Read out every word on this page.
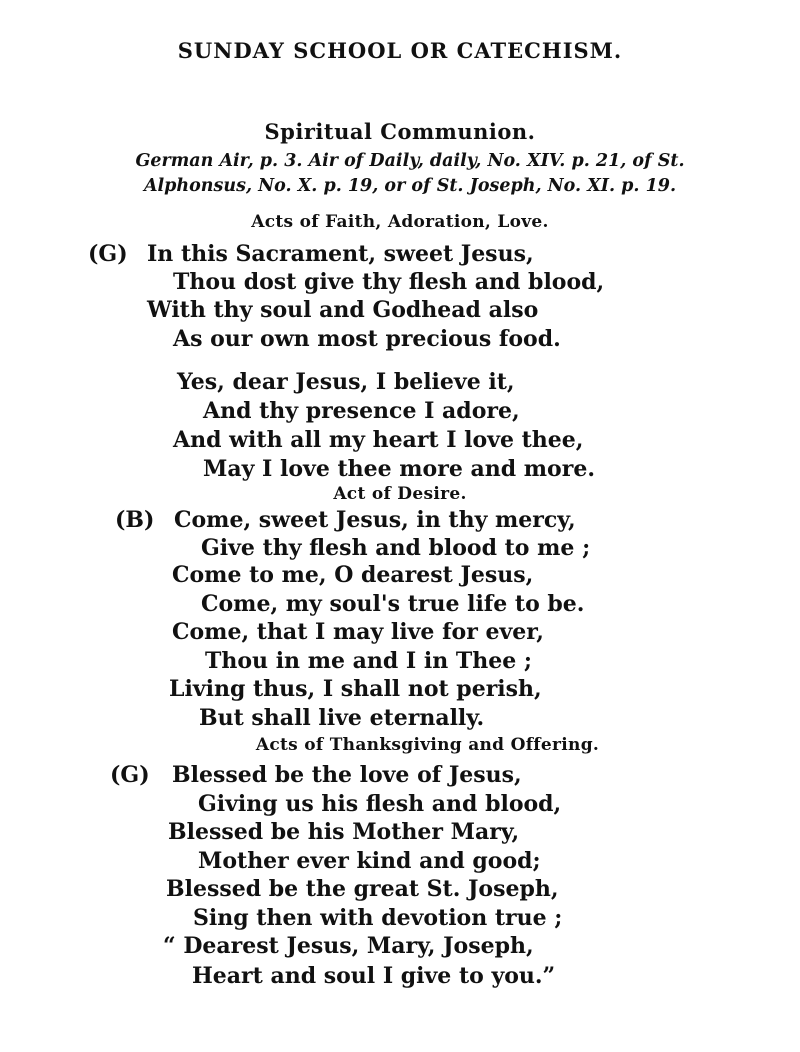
SUNDAY SCHOOL OR CATECHISM.
Spiritual Communion.
German Air, p. 3. Air of Daily, daily, No. XIV. p. 21, of St.
Alphonsus, No. X. p. 19, or of St. Joseph, No. XI. p. 19.
Acts of Faith, Adoration, Love.
(G) In this Sacrament, sweet Jesus,
Thou dost give thy flesh and blood,
With thy soul and Godhead also
As our own most precious food.
Yes, dear Jesus, I believe it,
And thy presence I adore,
And with all my heart I love thee,
May I love thee more and more.
Act of Desire.
(B) Come, sweet Jesus, in thy mercy,
Give thy flesh and blood to me ;
Come to me, O dearest Jesus,
Come, my soul's true life to be.
Come, that I may live for ever,
Thou in me and I in Thee ;
Living thus, I shall not perish,
But shall live eternally.
Acts of Thanksgiving and Offering.
(G) Blessed be the love of Jesus,
Giving us his flesh and blood,
Blessed be his Mother Mary,
Mother ever kind and good;
Blessed be the great St. Joseph,
Sing then with devotion true ;
“ Dearest Jesus, Mary, Joseph,
Heart and soul I give to you.”
